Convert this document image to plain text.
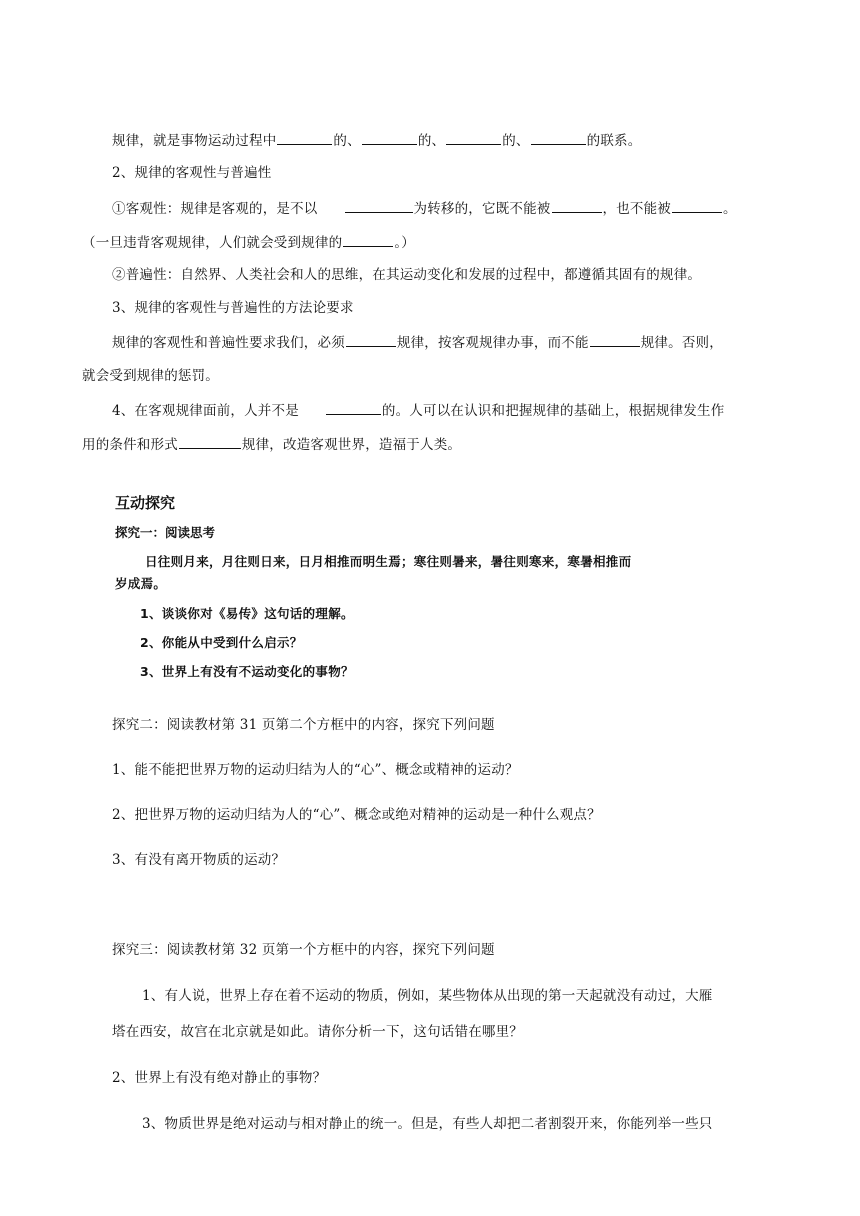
规律，就是事物运动过程中	的、	的、	的、	的联系。
2、规律的客观性与普遍性
①客观性：规律是客观的，是不以	为转移的，它既不能被	，也不能被	。
（一旦违背客观规律，人们就会受到规律的	。）
②普遍性：自然界、人类社会和人的思维，在其运动变化和发展的过程中，都遵循其固有的规律。
3、规律的客观性与普遍性的方法论要求
规律的客观性和普遍性要求我们，必须	规律，按客观规律办事，而不能	规律。否则，
就会受到规律的惩罚。
4、在客观规律面前，人并不是	的。人可以在认识和把握规律的基础上，根据规律发生作
用的条件和形式	规律，改造客观世界，造福于人类。
互动探究
探究一：阅读思考
日往则月来，月往则日来，日月相推而明生焉；寒往则暑来，暑往则寒来，寒暑相推而
岁成焉。
1、谈谈你对《易传》这句话的理解。
2、你能从中受到什么启示？
3、世界上有没有不运动变化的事物？
探究二：阅读教材第 31 页第二个方框中的内容，探究下列问题
1、能不能把世界万物的运动归结为人的“心”、概念或精神的运动？
2、把世界万物的运动归结为人的“心”、概念或绝对精神的运动是一种什么观点？
3、有没有离开物质的运动？
探究三：阅读教材第 32 页第一个方框中的内容，探究下列问题
1、有人说，世界上存在着不运动的物质，例如，某些物体从出现的第一天起就没有动过，大雁
塔在西安，故宫在北京就是如此。请你分析一下，这句话错在哪里？
2、世界上有没有绝对静止的事物？
3、物质世界是绝对运动与相对静止的统一。但是，有些人却把二者割裂开来，你能列举一些只
